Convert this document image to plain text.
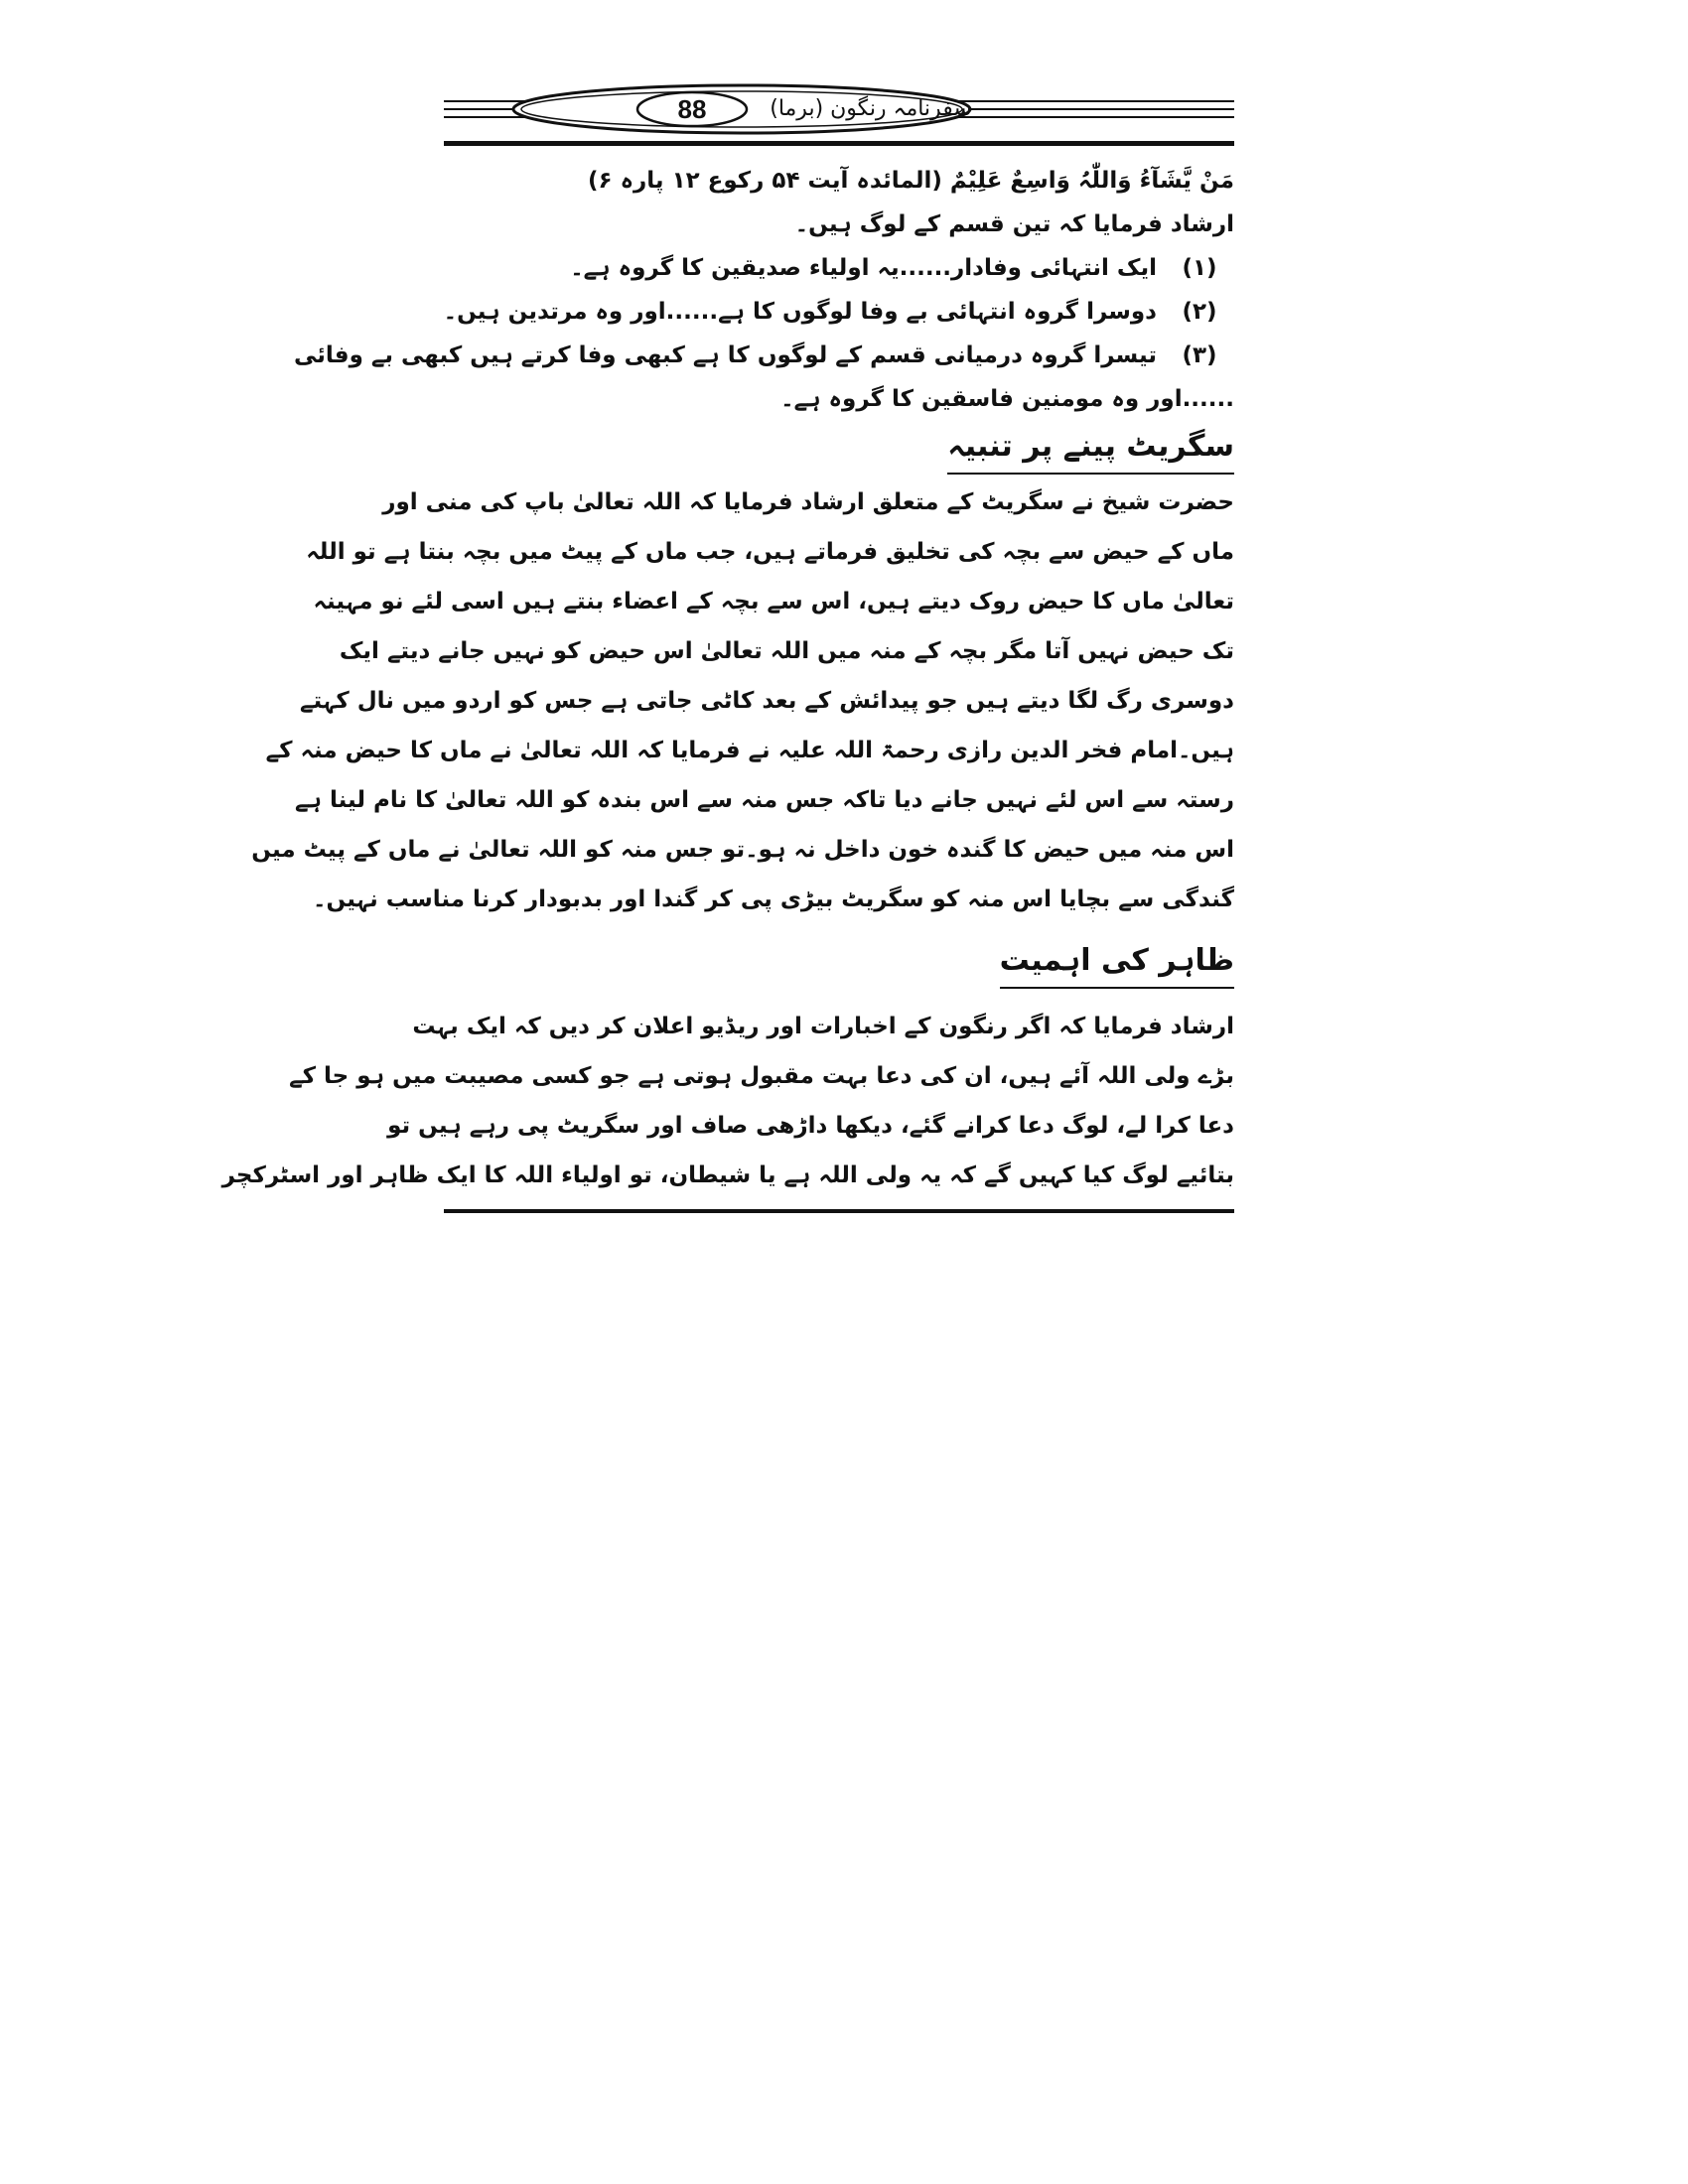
88	سفرنامہ رنگون (برما)
مَنْ یَّشَآءُ وَاللّٰہُ وَاسِعٌ عَلِیْمٌ (المائدہ آیت ۵۴ رکوع ۱۲ پارہ ۶)
ارشاد فرمایا کہ تین قسم کے لوگ ہیں۔
(۱) ایک انتہائی وفادار......یہ اولیاء صدیقین کا گروہ ہے۔
(۲) دوسرا گروہ انتہائی بے وفا لوگوں کا ہے......اور وہ مرتدین ہیں۔
(۳) تیسرا گروہ درمیانی قسم کے لوگوں کا ہے کبھی وفا کرتے ہیں کبھی بے وفائی
......اور وہ مومنین فاسقین کا گروہ ہے۔
سگریٹ پینے پر تنبیہ
حضرت شیخ نے سگریٹ کے متعلق ارشاد فرمایا کہ اللہ تعالیٰ باپ کی منی اور
ماں کے حیض سے بچہ کی تخلیق فرماتے ہیں، جب ماں کے پیٹ میں بچہ بنتا ہے تو اللہ
تعالیٰ ماں کا حیض روک دیتے ہیں، اس سے بچہ کے اعضاء بنتے ہیں اسی لئے نو مہینہ
تک حیض نہیں آتا مگر بچہ کے منہ میں اللہ تعالیٰ اس حیض کو نہیں جانے دیتے ایک
دوسری رگ لگا دیتے ہیں جو پیدائش کے بعد کاٹی جاتی ہے جس کو اردو میں نال کہتے
ہیں۔امام فخر الدین رازی رحمۃ اللہ علیہ نے فرمایا کہ اللہ تعالیٰ نے ماں کا حیض منہ کے
رستہ سے اس لئے نہیں جانے دیا تاکہ جس منہ سے اس بندہ کو اللہ تعالیٰ کا نام لینا ہے
اس منہ میں حیض کا گندہ خون داخل نہ ہو۔تو جس منہ کو اللہ تعالیٰ نے ماں کے پیٹ میں
گندگی سے بچایا اس منہ کو سگریٹ بیڑی پی کر گندا اور بدبودار کرنا مناسب نہیں۔
ظاہر کی اہمیت
ارشاد فرمایا کہ اگر رنگون کے اخبارات اور ریڈیو اعلان کر دیں کہ ایک بہت
بڑے ولی اللہ آئے ہیں، ان کی دعا بہت مقبول ہوتی ہے جو کسی مصیبت میں ہو جا کے
دعا کرا لے، لوگ دعا کرانے گئے، دیکھا داڑھی صاف اور سگریٹ پی رہے ہیں تو
بتائیے لوگ کیا کہیں گے کہ یہ ولی اللہ ہے یا شیطان، تو اولیاء اللہ کا ایک ظاہر اور اسٹرکچر
